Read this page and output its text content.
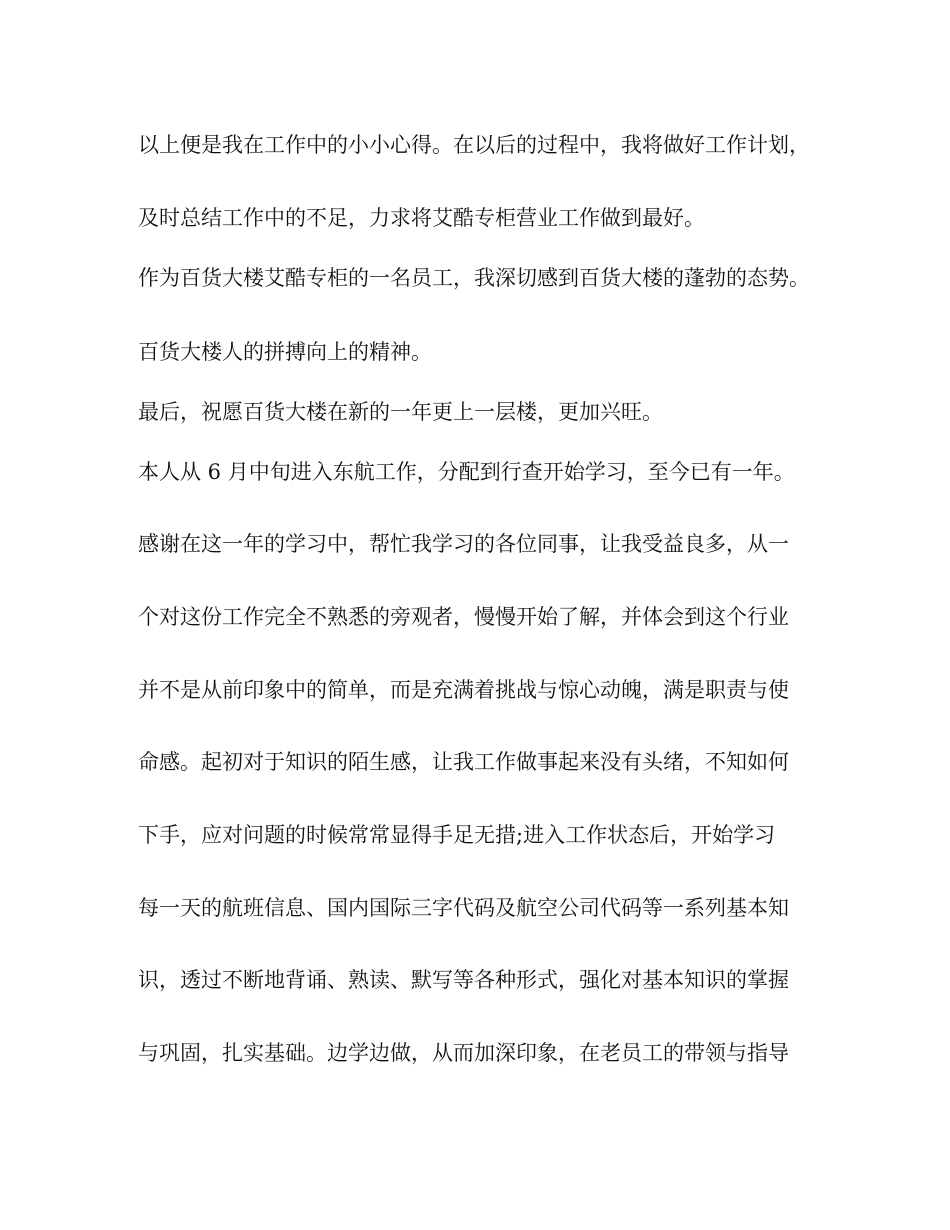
以上便是我在工作中的小小心得。在以后的过程中，我将做好工作计划，
及时总结工作中的不足，力求将艾酷专柜营业工作做到最好。
作为百货大楼艾酷专柜的一名员工，我深切感到百货大楼的蓬勃的态势。
百货大楼人的拼搏向上的精神。
最后，祝愿百货大楼在新的一年更上一层楼，更加兴旺。
本人从 6 月中旬进入东航工作，分配到行查开始学习，至今已有一年。
感谢在这一年的学习中，帮忙我学习的各位同事，让我受益良多，从一
个对这份工作完全不熟悉的旁观者，慢慢开始了解，并体会到这个行业
并不是从前印象中的简单，而是充满着挑战与惊心动魄，满是职责与使
命感。起初对于知识的陌生感，让我工作做事起来没有头绪，不知如何
下手，应对问题的时候常常显得手足无措;进入工作状态后，开始学习
每一天的航班信息、国内国际三字代码及航空公司代码等一系列基本知
识，透过不断地背诵、熟读、默写等各种形式，强化对基本知识的掌握
与巩固，扎实基础。边学边做，从而加深印象，在老员工的带领与指导
